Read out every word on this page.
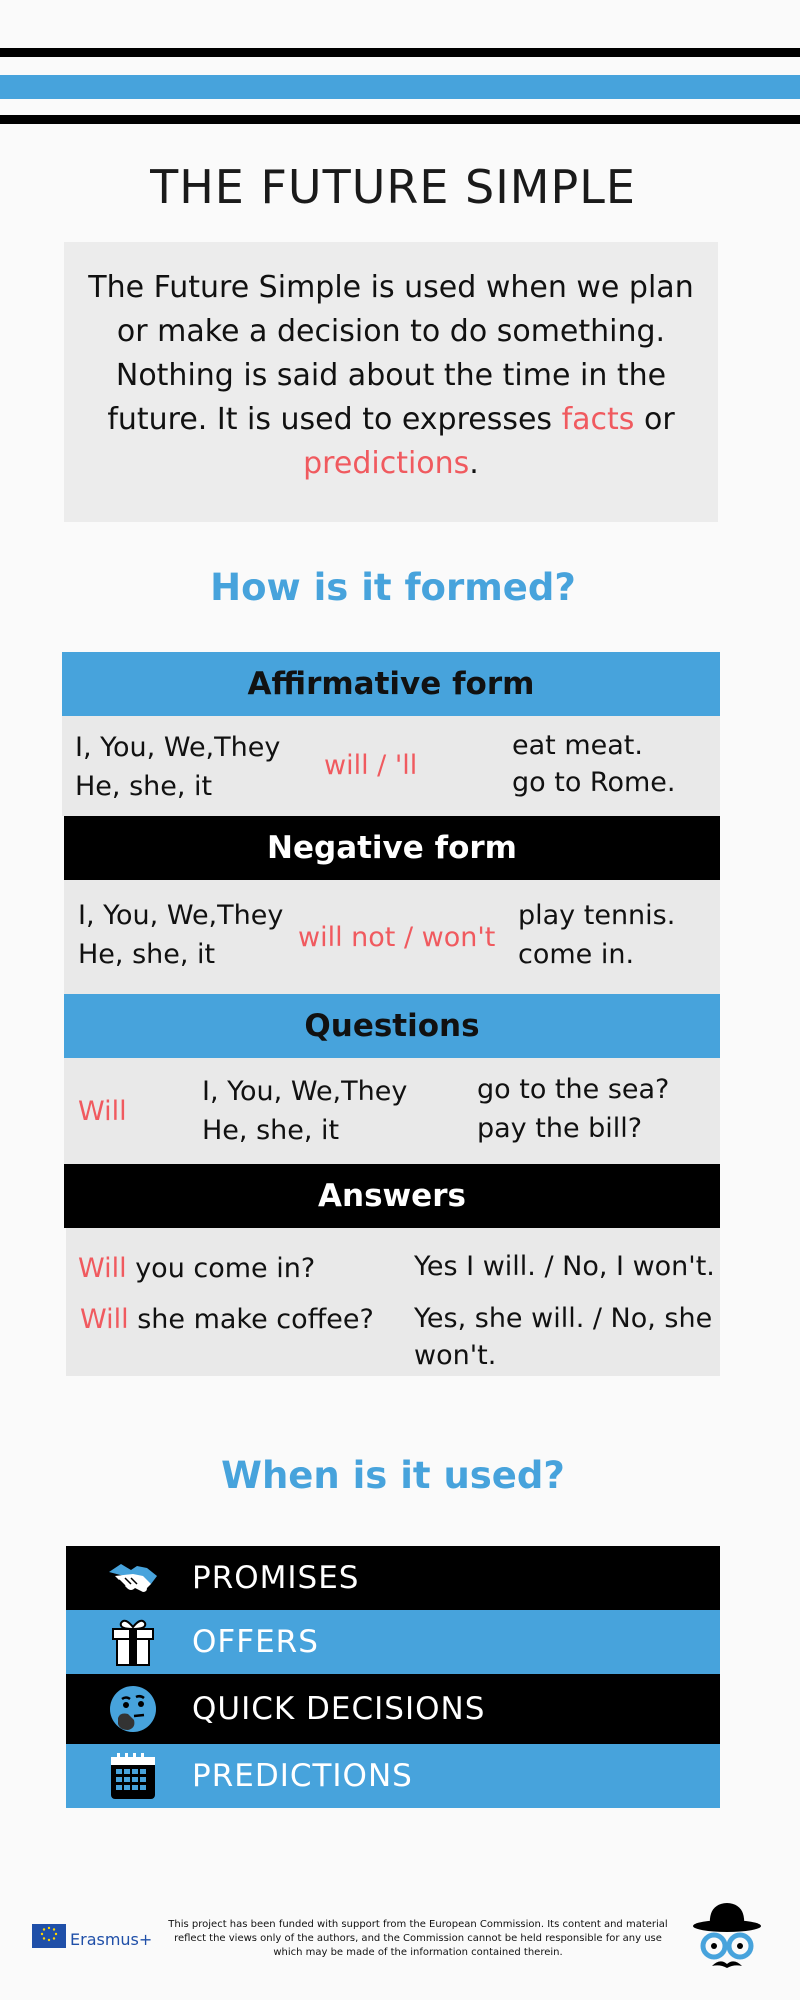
THE FUTURE SIMPLE
The Future Simple is used when we plan or make a decision to do something. Nothing is said about the time in the future. It is used to expresses facts or predictions.
How is it formed?
Affirmative form
I, You, We,They
He, she, it
will / 'll
eat meat.
go to Rome.
Negative form
I, You, We,They
He, she, it
will not / won't
play tennis.
come in.
Questions
Will
I, You, We,They
He, she, it
go to the sea?
pay the bill?
Answers
Will you come in?	Yes I will. / No, I won't.
Will she make coffee? Yes, she will. / No, she
won't.
When is it used?
PROMISES
OFFERS
QUICK DECISIONS
PREDICTIONS
Erasmus+
This project has been funded with support from the European Commission. Its content and material reflect the views only of the authors, and the Commission cannot be held responsible for any use which may be made of the information contained therein.
